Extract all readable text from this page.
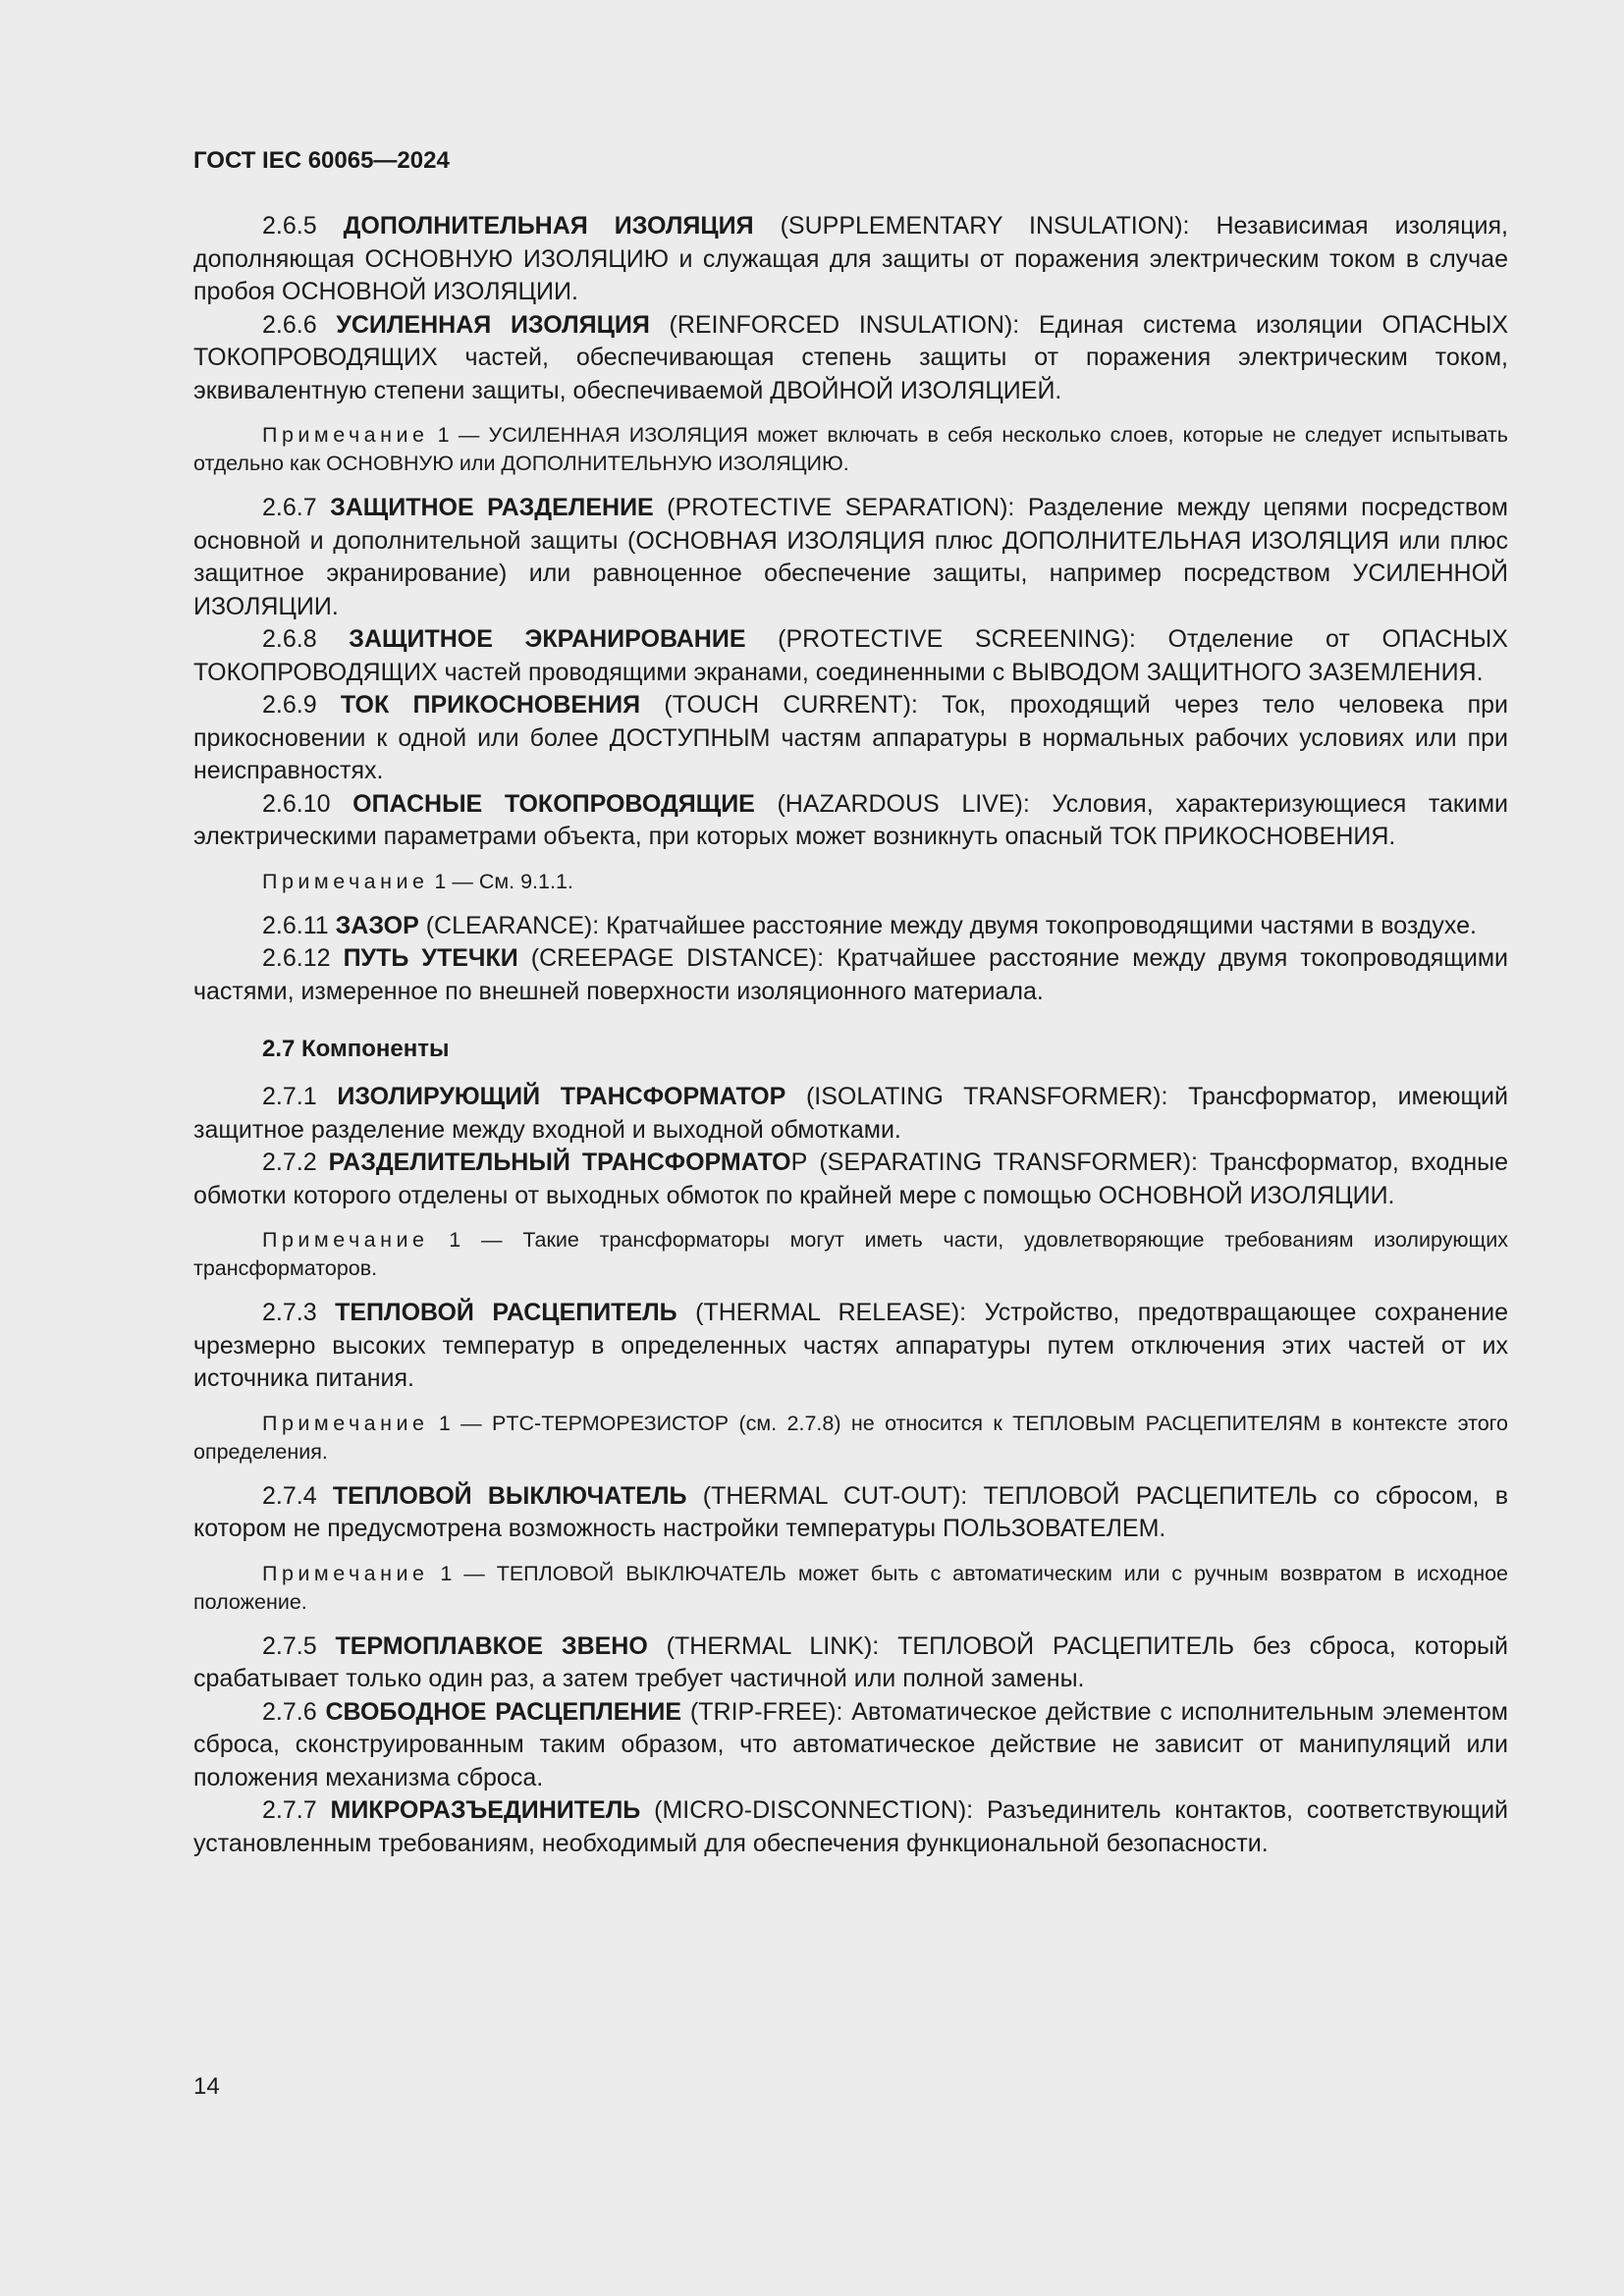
ГОСТ IEC 60065—2024

2.6.5 ДОПОЛНИТЕЛЬНАЯ ИЗОЛЯЦИЯ (SUPPLEMENTARY INSULATION): Независимая изоляция, дополняющая ОСНОВНУЮ ИЗОЛЯЦИЮ и служащая для защиты от поражения электрическим током в случае пробоя ОСНОВНОЙ ИЗОЛЯЦИИ.

2.6.6 УСИЛЕННАЯ ИЗОЛЯЦИЯ (REINFORCED INSULATION): Единая система изоляции ОПАСНЫХ ТОКОПРОВОДЯЩИХ частей, обеспечивающая степень защиты от поражения электрическим током, эквивалентную степени защиты, обеспечиваемой ДВОЙНОЙ ИЗОЛЯЦИЕЙ.

Примечание 1 — УСИЛЕННАЯ ИЗОЛЯЦИЯ может включать в себя несколько слоев, которые не следует испытывать отдельно как ОСНОВНУЮ или ДОПОЛНИТЕЛЬНУЮ ИЗОЛЯЦИЮ.

2.6.7 ЗАЩИТНОЕ РАЗДЕЛЕНИЕ (PROTECTIVE SEPARATION): Разделение между цепями посредством основной и дополнительной защиты (ОСНОВНАЯ ИЗОЛЯЦИЯ плюс ДОПОЛНИТЕЛЬНАЯ ИЗОЛЯЦИЯ или плюс защитное экранирование) или равноценное обеспечение защиты, например посредством УСИЛЕННОЙ ИЗОЛЯЦИИ.

2.6.8 ЗАЩИТНОЕ ЭКРАНИРОВАНИЕ (PROTECTIVE SCREENING): Отделение от ОПАСНЫХ ТОКОПРОВОДЯЩИХ частей проводящими экранами, соединенными с ВЫВОДОМ ЗАЩИТНОГО ЗАЗЕМЛЕНИЯ.

2.6.9 ТОК ПРИКОСНОВЕНИЯ (TOUCH CURRENT): Ток, проходящий через тело человека при прикосновении к одной или более ДОСТУПНЫМ частям аппаратуры в нормальных рабочих условиях или при неисправностях.

2.6.10 ОПАСНЫЕ ТОКОПРОВОДЯЩИЕ (HAZARDOUS LIVE): Условия, характеризующиеся такими электрическими параметрами объекта, при которых может возникнуть опасный ТОК ПРИКОСНОВЕНИЯ.

Примечание 1 — См. 9.1.1.

2.6.11 ЗАЗОР (CLEARANCE): Кратчайшее расстояние между двумя токопроводящими частями в воздухе.

2.6.12 ПУТЬ УТЕЧКИ (CREEPAGE DISTANCE): Кратчайшее расстояние между двумя токопроводящими частями, измеренное по внешней поверхности изоляционного материала.

2.7 Компоненты

2.7.1 ИЗОЛИРУЮЩИЙ ТРАНСФОРМАТОР (ISOLATING TRANSFORMER): Трансформатор, имеющий защитное разделение между входной и выходной обмотками.

2.7.2 РАЗДЕЛИТЕЛЬНЫЙ ТРАНСФОРМАТОР (SEPARATING TRANSFORMER): Трансформатор, входные обмотки которого отделены от выходных обмоток по крайней мере с помощью ОСНОВНОЙ ИЗОЛЯЦИИ.

Примечание 1 — Такие трансформаторы могут иметь части, удовлетворяющие требованиям изолирующих трансформаторов.

2.7.3 ТЕПЛОВОЙ РАСЦЕПИТЕЛЬ (THERMAL RELEASE): Устройство, предотвращающее сохранение чрезмерно высоких температур в определенных частях аппаратуры путем отключения этих частей от их источника питания.

Примечание 1 — PTC-ТЕРМОРЕЗИСТОР (см. 2.7.8) не относится к ТЕПЛОВЫМ РАСЦЕПИТЕЛЯМ в контексте этого определения.

2.7.4 ТЕПЛОВОЙ ВЫКЛЮЧАТЕЛЬ (THERMAL CUT-OUT): ТЕПЛОВОЙ РАСЦЕПИТЕЛЬ со сбросом, в котором не предусмотрена возможность настройки температуры ПОЛЬЗОВАТЕЛЕМ.

Примечание 1 — ТЕПЛОВОЙ ВЫКЛЮЧАТЕЛЬ может быть с автоматическим или с ручным возвратом в исходное положение.

2.7.5 ТЕРМОПЛАВКОЕ ЗВЕНО (THERMAL LINK): ТЕПЛОВОЙ РАСЦЕПИТЕЛЬ без сброса, который срабатывает только один раз, а затем требует частичной или полной замены.

2.7.6 СВОБОДНОЕ РАСЦЕПЛЕНИЕ (TRIP-FREE): Автоматическое действие с исполнительным элементом сброса, сконструированным таким образом, что автоматическое действие не зависит от манипуляций или положения механизма сброса.

2.7.7 МИКРОРАЗЪЕДИНИТЕЛЬ (MICRO-DISCONNECTION): Разъединитель контактов, соответствующий установленным требованиям, необходимый для обеспечения функциональной безопасности.

14
